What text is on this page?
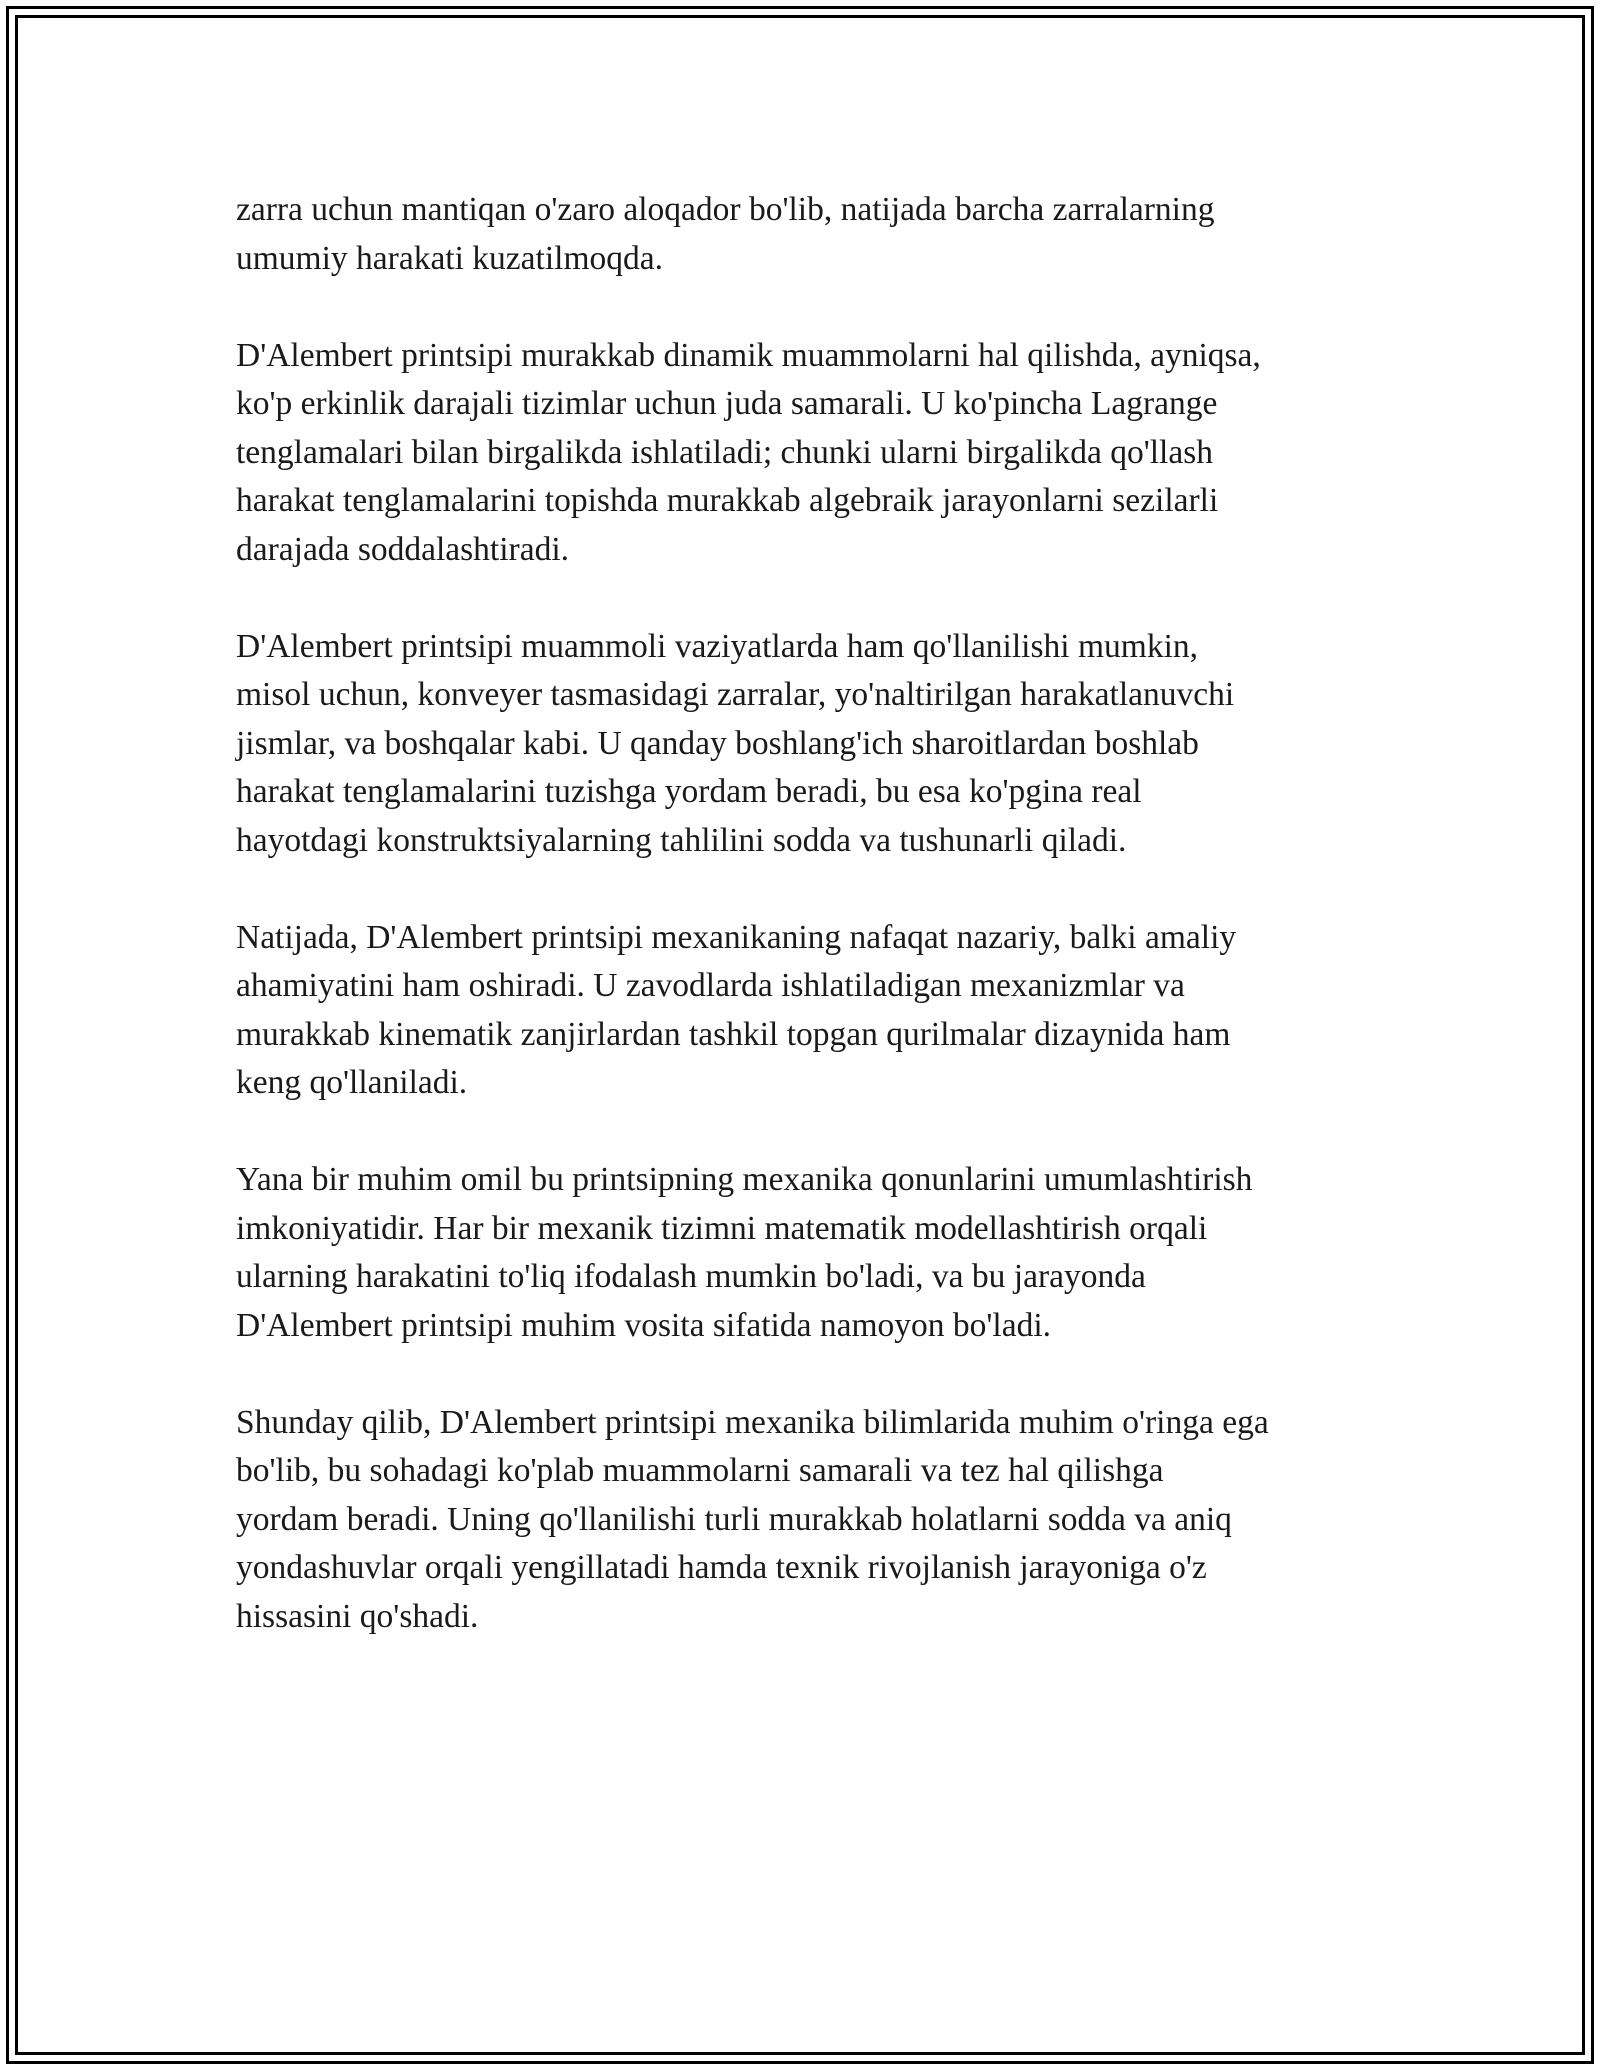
zarra uchun mantiqan o'zaro aloqador bo'lib, natijada barcha zarralarning
umumiy harakati kuzatilmoqda.

D'Alembert printsipi murakkab dinamik muammolarni hal qilishda, ayniqsa,
ko'p erkinlik darajali tizimlar uchun juda samarali. U ko'pincha Lagrange
tenglamalari bilan birgalikda ishlatiladi; chunki ularni birgalikda qo'llash
harakat tenglamalarini topishda murakkab algebraik jarayonlarni sezilarli
darajada soddalashtiradi.

D'Alembert printsipi muammoli vaziyatlarda ham qo'llanilishi mumkin,
misol uchun, konveyer tasmasidagi zarralar, yo'naltirilgan harakatlanuvchi
jismlar, va boshqalar kabi. U qanday boshlang'ich sharoitlardan boshlab
harakat tenglamalarini tuzishga yordam beradi, bu esa ko'pgina real
hayotdagi konstruktsiyalarning tahlilini sodda va tushunarli qiladi.

Natijada, D'Alembert printsipi mexanikaning nafaqat nazariy, balki amaliy
ahamiyatini ham oshiradi. U zavodlarda ishlatiladigan mexanizmlar va
murakkab kinematik zanjirlardan tashkil topgan qurilmalar dizaynida ham
keng qo'llaniladi.

Yana bir muhim omil bu printsipning mexanika qonunlarini umumlashtirish
imkoniyatidir. Har bir mexanik tizimni matematik modellashtirish orqali
ularning harakatini to'liq ifodalash mumkin bo'ladi, va bu jarayonda
D'Alembert printsipi muhim vosita sifatida namoyon bo'ladi.

Shunday qilib, D'Alembert printsipi mexanika bilimlarida muhim o'ringa ega
bo'lib, bu sohadagi ko'plab muammolarni samarali va tez hal qilishga
yordam beradi. Uning qo'llanilishi turli murakkab holatlarni sodda va aniq
yondashuvlar orqali yengillatadi hamda texnik rivojlanish jarayoniga o'z
hissasini qo'shadi.
